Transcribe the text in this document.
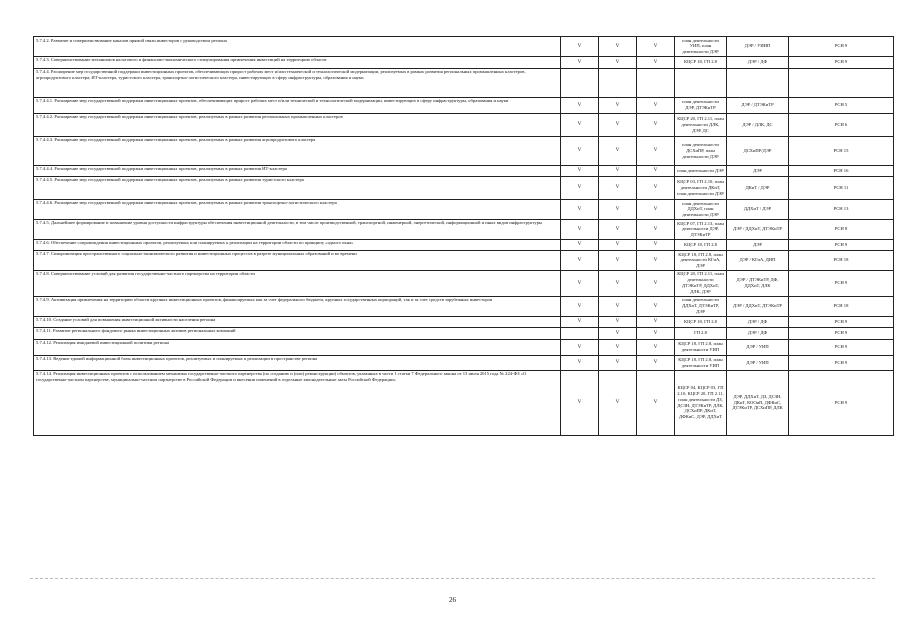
5.7.4.2. Развитие и совершенствование каналов прямой связи инвесторов с руководством региона	V	V	V	план деятельности УИП, план деятельности ДЭР	ДЭР / УИИП	РСН 9
5.7.4.3. Совершенствование механизмов налогового и финансово-экономического стимулирования привлечения инвестиций на территорию области	V	V	V	КЦСР 18, ГП 2.8	ДЭР / ДФ	РСН 9
5.7.4.4. Расширение мер государственной поддержки инвестиционных проектов, обеспечивающих прирост рабочих мест и/или технической и технологической модернизации, реализуемых в рамках развития региональных промышленных кластеров, агропродуктового кластера, ИТ-кластера, туристского кластера, транспортно-логистического кластера, инвестирующих в сферу инфраструктуры, образования и науки						
5.7.4.4.1. Расширение мер государственной поддержки инвестиционных проектов, обеспечивающих прирост рабочих мест и/или технической и технологической модернизации, инвестирующих в сферу инфраструктуры, образования и науки	V	V	V	план деятельности ДЭР, ДТЭКиТР	ДЭР / ДТЭКиТР	РСН 5
5.7.4.4.2. Расширение мер государственной поддержки инвестиционных проектов, реализуемых в рамках развития региональных промышленных кластеров	V	V	V	КЦСР 20, ГП 2.11, план деятельности ДЛК, ДЭР, ДС	ДЭР / ДЛК, ДС	РСН 6
5.7.4.4.3. Расширение мер государственной поддержки инвестиционных проектов, реализуемых в рамках развития агропродуктового кластера	V	V	V	план деятельности ДСХиПР, план деятельности ДЭР	ДСХиПР/ДЭР	РСН 15
5.7.4.4.4. Расширение мер государственной поддержки инвестиционных проектов, реализуемых в рамках развития ИТ-кластера	V	V	V	план деятельности ДЭР	ДЭР	РСН 16
5.7.4.4.5. Расширение мер государственной поддержки инвестиционных проектов, реализуемых в рамках развития туристского кластера	V	V	V	КЦСР 03, ГП 2.10, план деятельности ДКиТ, план деятельности ДЭР	ДКиТ / ДЭР	РСН 11
5.7.4.4.6. Расширение мер государственной поддержки инвестиционных проектов, реализуемых в рамках развития транспортно-логистического кластера	V	V	V	план деятельности ДДХиТ, план деятельности ДЭР	ДДХиТ / ДЭР	РСН 13
5.7.4.5. Дальнейшее формирование и повышение уровня доступности инфраструктуры обеспечения инвестиционной деятельности, в том числе производственной, транспортной, инженерной, энергетической, информационной и иных видов инфраструктуры	V	V	V	КЦСР 07, ГП 2.13, план деятельности ДЭР, ДТЭКиТР	ДЭР / ДДХиТ, ДТЭКиТР	РСН 8
5.7.4.6. Обеспечение сопровождения инвестиционных проектов, реализуемых или планируемых к реализации на территории области по принципу «одного окна»	V	V	V	КЦСР 18, ГП 2.8	ДЭР	РСН 9
5.7.4.7. Синхронизация пространственного социально-экономического развития и инвестиционных процессов в разрезе муниципальных образований и во времени	V	V	V	КЦСР 18, ГП 2.8, план деятельности КГиА, ДЭР	ДЭР / КГиА, ДИП	РСН 18
5.7.4.8. Совершенствование условий для развития государственно-частного партнерства на территории области	V	V	V	КЦСР 20, ГП 2.11, план деятельности ДТЭКиТР, ДДХиТ, ДЛК, ДЭР	ДЭР / ДТЭКиТР, ДФ, ДДХиТ, ДЛК	РСН 9
5.7.4.9. Активизация привлечения на территорию области крупных инвестиционных проектов, финансируемых как за счет федерального бюджета, крупных государственных корпораций, так и за счет средств зарубежных инвесторов	V	V	V	план деятельности ДДХиТ, ДТЭКиТР, ДЭР	ДЭР / ДДХиТ, ДТЭКиТР	РСН 18
5.7.4.10. Создание условий для повышения инвестиционной активности населения региона	V	V	V	КЦСР 18, ГП 2.8	ДЭР / ДФ	РСН 9
5.7.4.11. Развитие регионального фондового рынка инвестиционных активов региональных компаний		V	V	ГП 2.8	ДЭР / ДФ	РСН 9
5.7.4.12. Реализация имиджевой инвестиционной политики региона	V	V	V	КЦСР 18, ГП 2.8, план деятельности УИП	ДЭР / УИП	РСН 9
5.7.4.13. Ведение единой информационной базы инвестиционных проектов, реализуемых и планируемых к реализации в пространстве региона	V	V	V	КЦСР 18, ГП 2.8, план деятельности УИП	ДЭР / УИП	РСН 9
5.7.4.14. Реализация инвестиционных проектов с использованием механизма государственно-частного партнерства (по созданию и (или) реконструкции) объектов, указанных в части 1 статьи 7 Федерального закона от 13 июля 2015 года № 224-ФЗ «О государственно-частном партнерстве, муниципально-частном партнерстве в Российской Федерации и внесении изменений в отдельные законодательные акты Российской Федерации»	V	V	V	КЦСР 04, КЦСР 03, ГП 2.10, КЦСР 20, ГП 2.11, план деятельности ДЗ, ДСЗН, ДТЭКиТР, ДЛК, ДСХиПР, ДКиТ, ДФКиС, ДЭР, ДДХиТ	ДЭР, ДДХиТ, ДЗ, ДСЗН, ДКиТ, КООиП, ДФКиС, ДТЭКиТР, ДСХиПР, ДЛК	РСН 9
26
